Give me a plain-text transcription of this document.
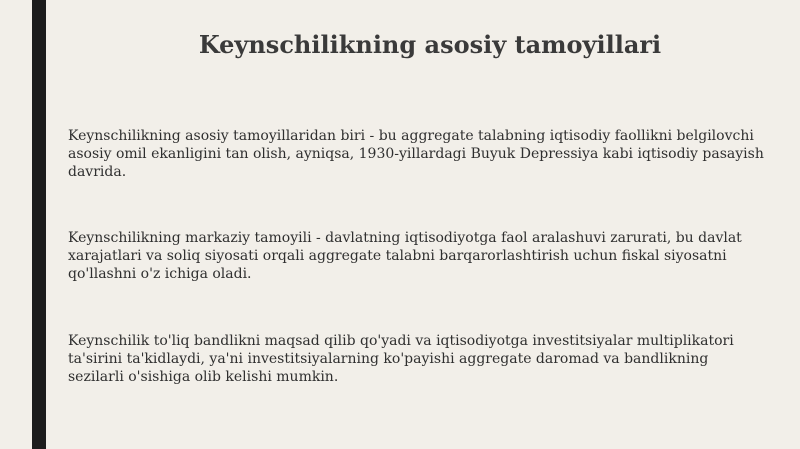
Keynschilikning asosiy tamoyillari

Keynschilikning asosiy tamoyillaridan biri - bu aggregate talabning iqtisodiy faollikni belgilovchi asosiy omil ekanligini tan olish, ayniqsa, 1930-yillardagi Buyuk Depressiya kabi iqtisodiy pasayish davrida.

Keynschilikning markaziy tamoyili - davlatning iqtisodiyotga faol aralashuvi zarurati, bu davlat xarajatlari va soliq siyosati orqali aggregate talabni barqarorlashtirish uchun fiskal siyosatni qo'llashni o'z ichiga oladi.

Keynschilik to'liq bandlikni maqsad qilib qo'yadi va iqtisodiyotga investitsiyalar multiplikatori ta'sirini ta'kidlaydi, ya'ni investitsiyalarning ko'payishi aggregate daromad va bandlikning sezilarli o'sishiga olib kelishi mumkin.
